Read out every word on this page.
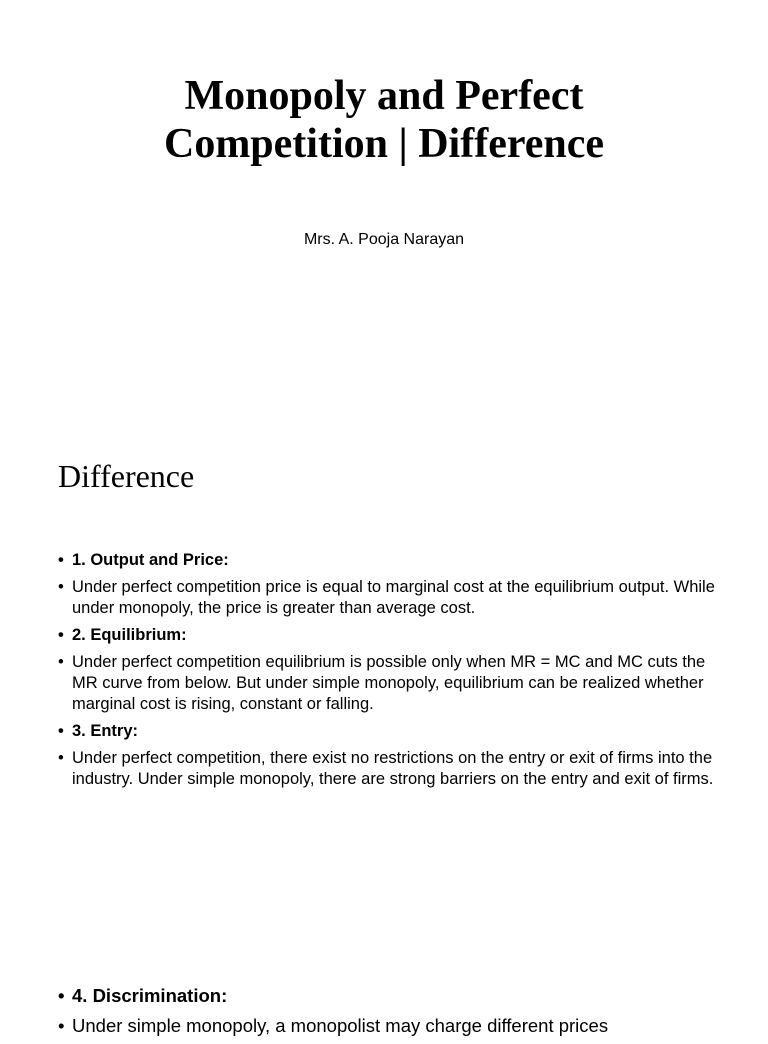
Monopoly and Perfect
Competition | Difference
Mrs. A. Pooja Narayan
Difference
• 1. Output and Price:
• Under perfect competition price is equal to marginal cost at the equilibrium output. While under monopoly, the price is greater than average cost.
• 2. Equilibrium:
• Under perfect competition equilibrium is possible only when MR = MC and MC cuts the MR curve from below. But under simple monopoly, equilibrium can be realized whether marginal cost is rising, constant or falling.
• 3. Entry:
• Under perfect competition, there exist no restrictions on the entry or exit of firms into the industry. Under simple monopoly, there are strong barriers on the entry and exit of firms.
• 4. Discrimination:
• Under simple monopoly, a monopolist may charge different prices
